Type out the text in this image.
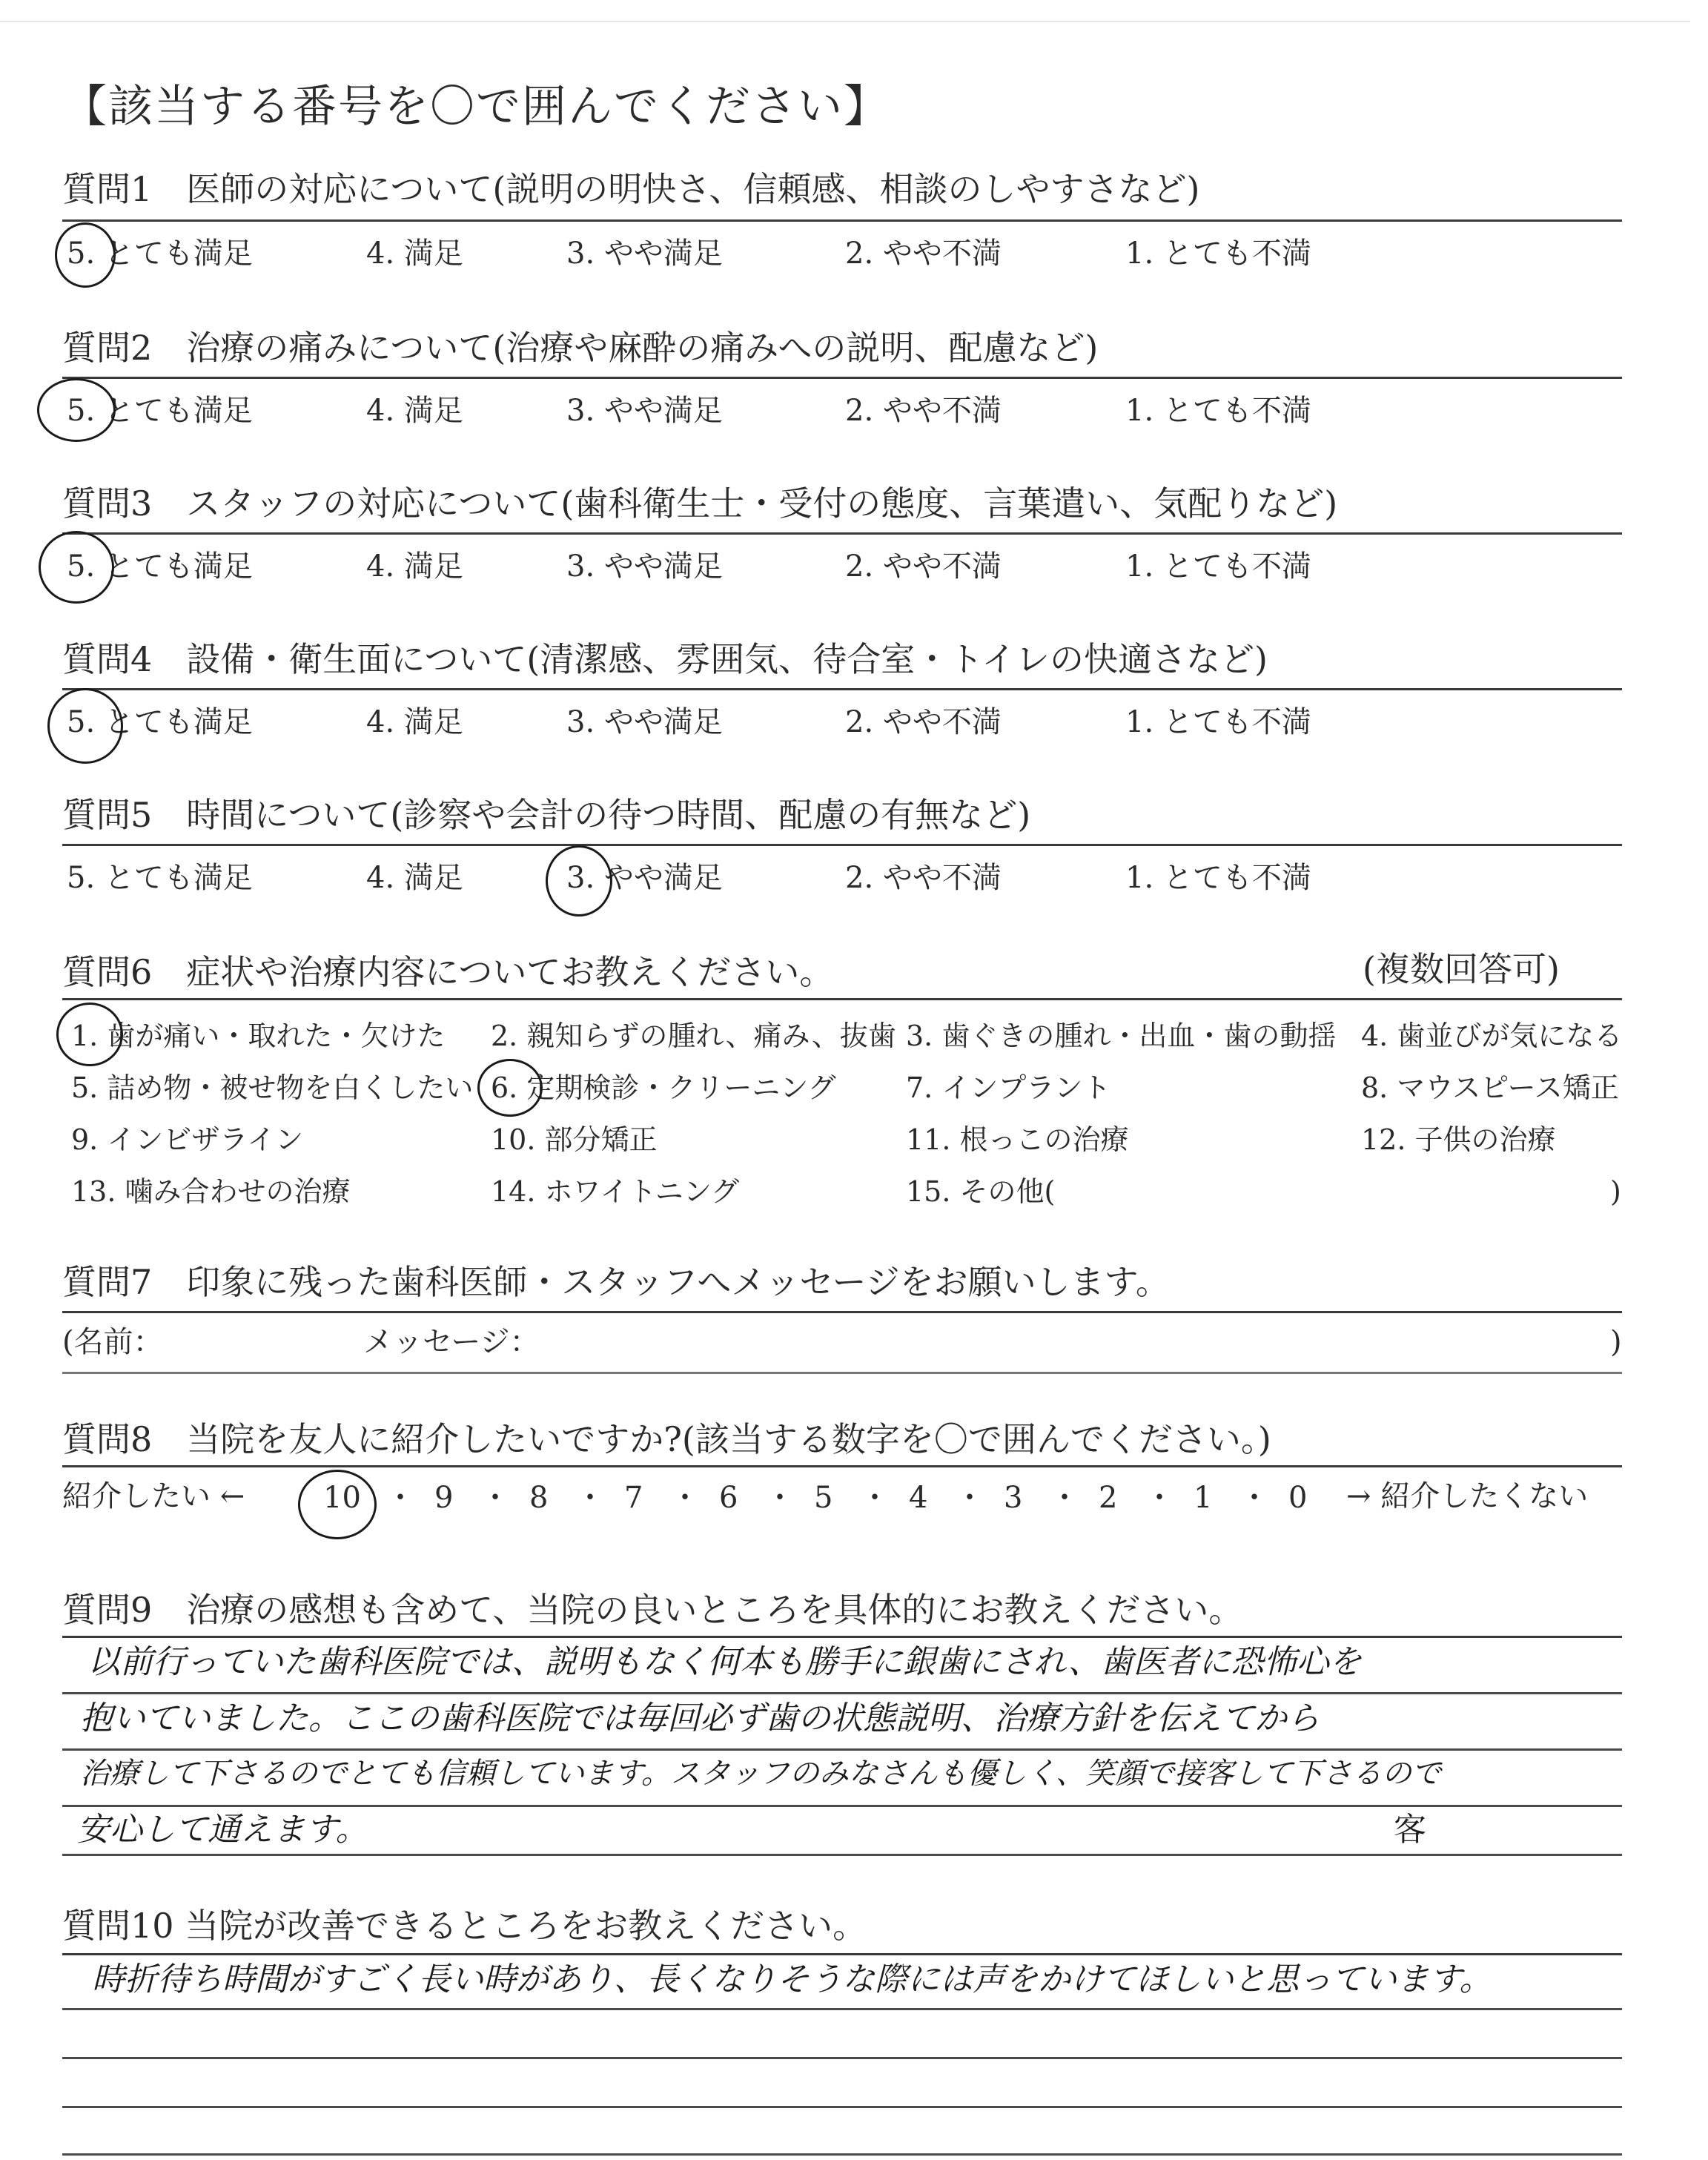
【該当する番号を〇で囲んでください】
質問1　医師の対応について(説明の明快さ、信頼感、相談のしやすさなど)
5. とても満足	4. 満足	3. やや満足	2. やや不満	1. とても不満
質問2　治療の痛みについて(治療や麻酔の痛みへの説明、配慮など)
5. とても満足	4. 満足	3. やや満足	2. やや不満	1. とても不満
質問3　スタッフの対応について(歯科衛生士・受付の態度、言葉遣い、気配りなど)
5. とても満足	4. 満足	3. やや満足	2. やや不満	1. とても不満
質問4　設備・衛生面について(清潔感、雰囲気、待合室・トイレの快適さなど)
5. とても満足	4. 満足	3. やや満足	2. やや不満	1. とても不満
質問5　時間について(診察や会計の待つ時間、配慮の有無など)
5. とても満足	4. 満足	3. やや満足	2. やや不満	1. とても不満
質問6　症状や治療内容についてお教えください。	(複数回答可)
1. 歯が痛い・取れた・欠けた 2. 親知らずの腫れ、痛み、抜歯 3. 歯ぐきの腫れ・出血・歯の動揺 4. 歯並びが気になる
5. 詰め物・被せ物を白くしたい 6. 定期検診・クリーニング 7. インプラント	8. マウスピース矯正
9. インビザライン	10. 部分矯正	11. 根っこの治療	12. 子供の治療
13. 噛み合わせの治療	14. ホワイトニング	15. その他(	)
質問7　印象に残った歯科医師・スタッフへメッセージをお願いします。
(名前：	メッセージ：	)
質問8　当院を友人に紹介したいですか?(該当する数字を〇で囲んでください。)
紹介したい ←	10 ・ 9 ・ 8 ・ 7 ・ 6 ・ 5 ・ 4 ・ 3 ・ 2 ・ 1 ・ 0 → 紹介したくない
質問9　治療の感想も含めて、当院の良いところを具体的にお教えください。
以前行っていた歯科医院では、説明もなく何本も勝手に銀歯にされ、歯医者に恐怖心を
抱いていました。ここの歯科医院では毎回必ず歯の状態説明、治療方針を伝えてから
治療して下さるのでとても信頼しています。スタッフのみなさんも優しく、笑顔で接客して下さるので
安心して通えます。	客
質問10 当院が改善できるところをお教えください。
時折待ち時間がすごく長い時があり、長くなりそうな際には声をかけてほしいと思っています。
